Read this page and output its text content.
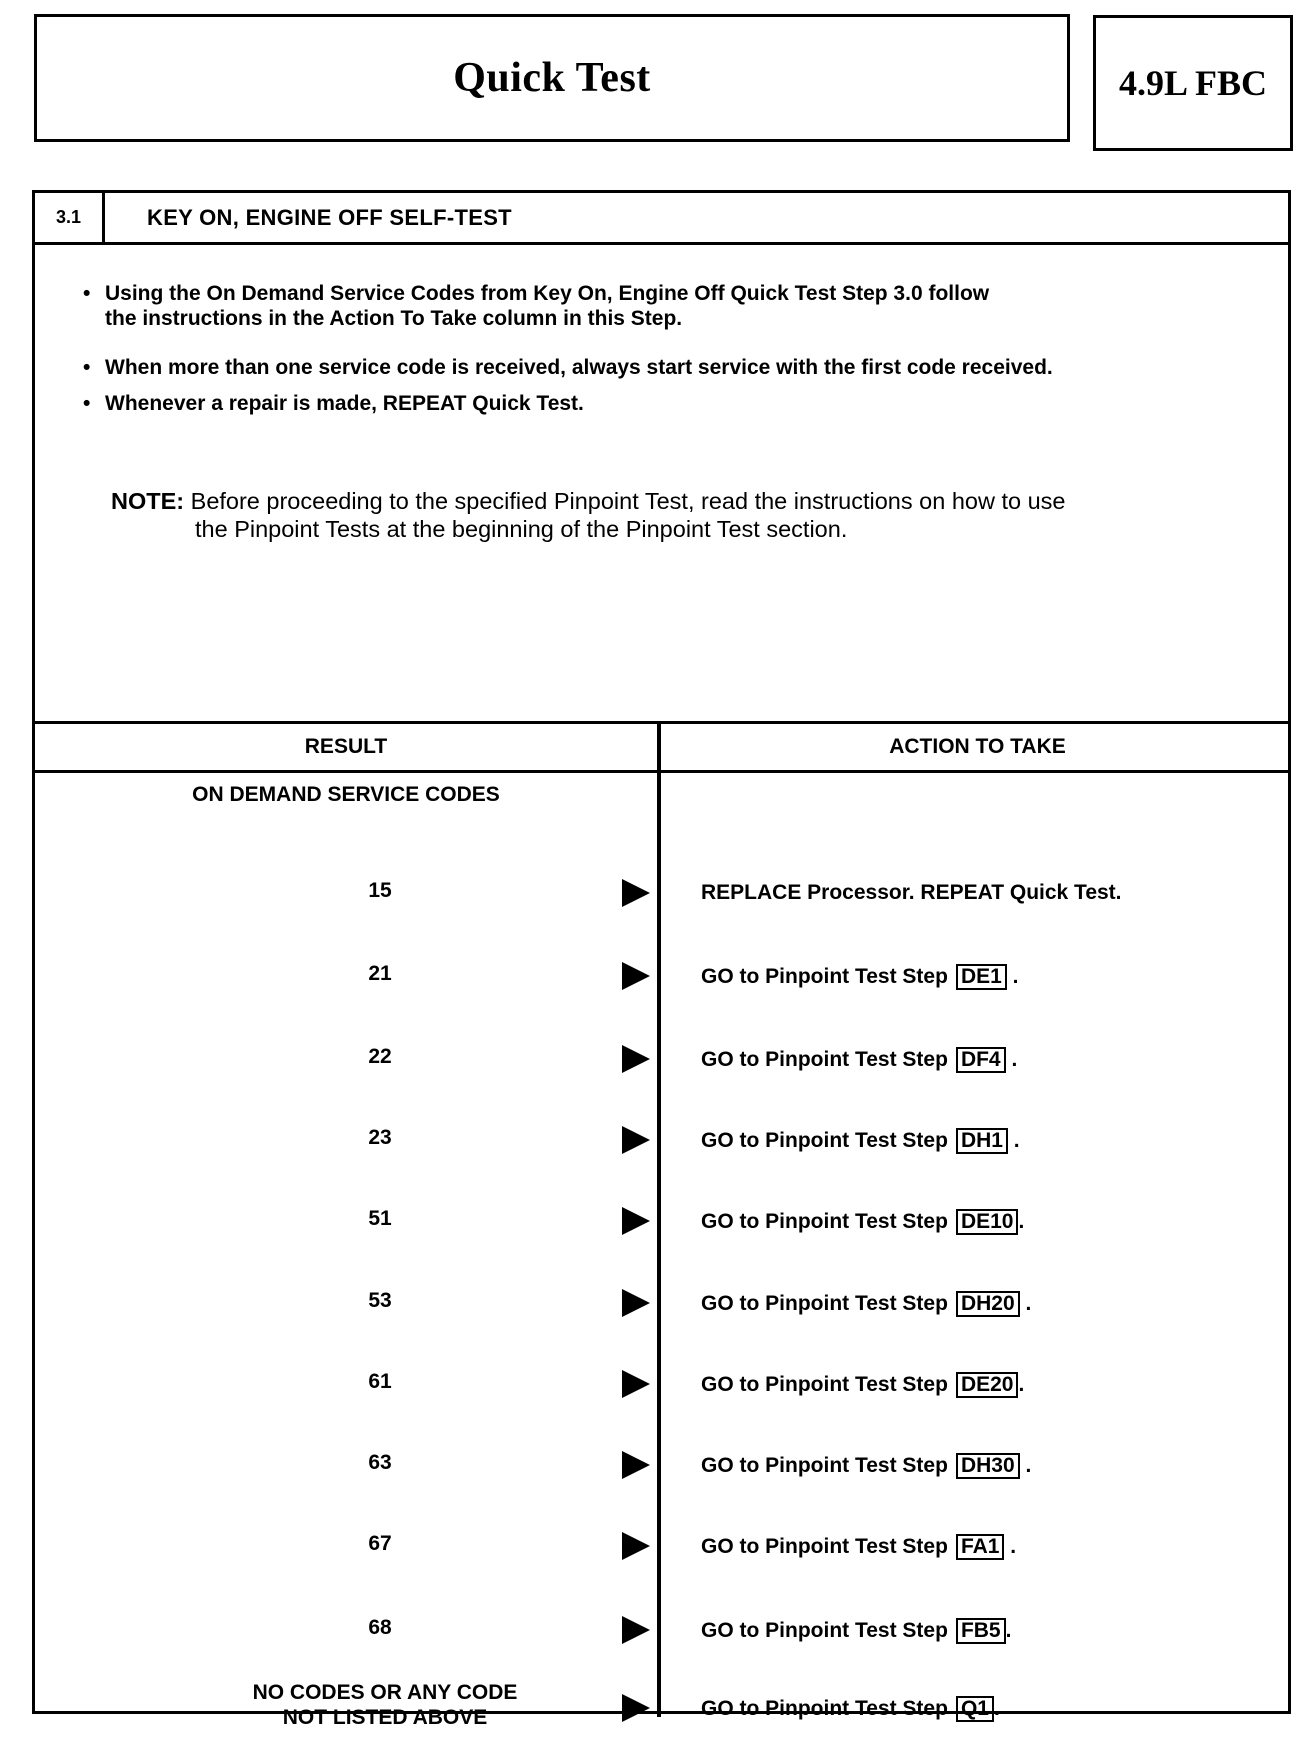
Quick Test	4.9L FBC
3.1	KEY ON, ENGINE OFF SELF-TEST
• Using the On Demand Service Codes from Key On, Engine Off Quick Test Step 3.0 follow
the instructions in the Action To Take column in this Step.
• When more than one service code is received, always start service with the first code received.
• Whenever a repair is made, REPEAT Quick Test.
NOTE: Before proceeding to the specified Pinpoint Test, read the instructions on how to use
the Pinpoint Tests at the beginning of the Pinpoint Test section.
RESULT	ACTION TO TAKE
ON DEMAND SERVICE CODES
15	REPLACE Processor. REPEAT Quick Test.
21	GO to Pinpoint Test Step DE1 .
22	GO to Pinpoint Test Step DF4 .
23	GO to Pinpoint Test Step DH1 .
51	GO to Pinpoint Test Step DE10 .
53	GO to Pinpoint Test Step DH20 .
61	GO to Pinpoint Test Step DE20 .
63	GO to Pinpoint Test Step DH30 .
67	GO to Pinpoint Test Step FA1 .
68	GO to Pinpoint Test Step FB5 .
NO CODES OR ANY CODE
NOT LISTED ABOVE	GO to Pinpoint Test Step Q1 .
